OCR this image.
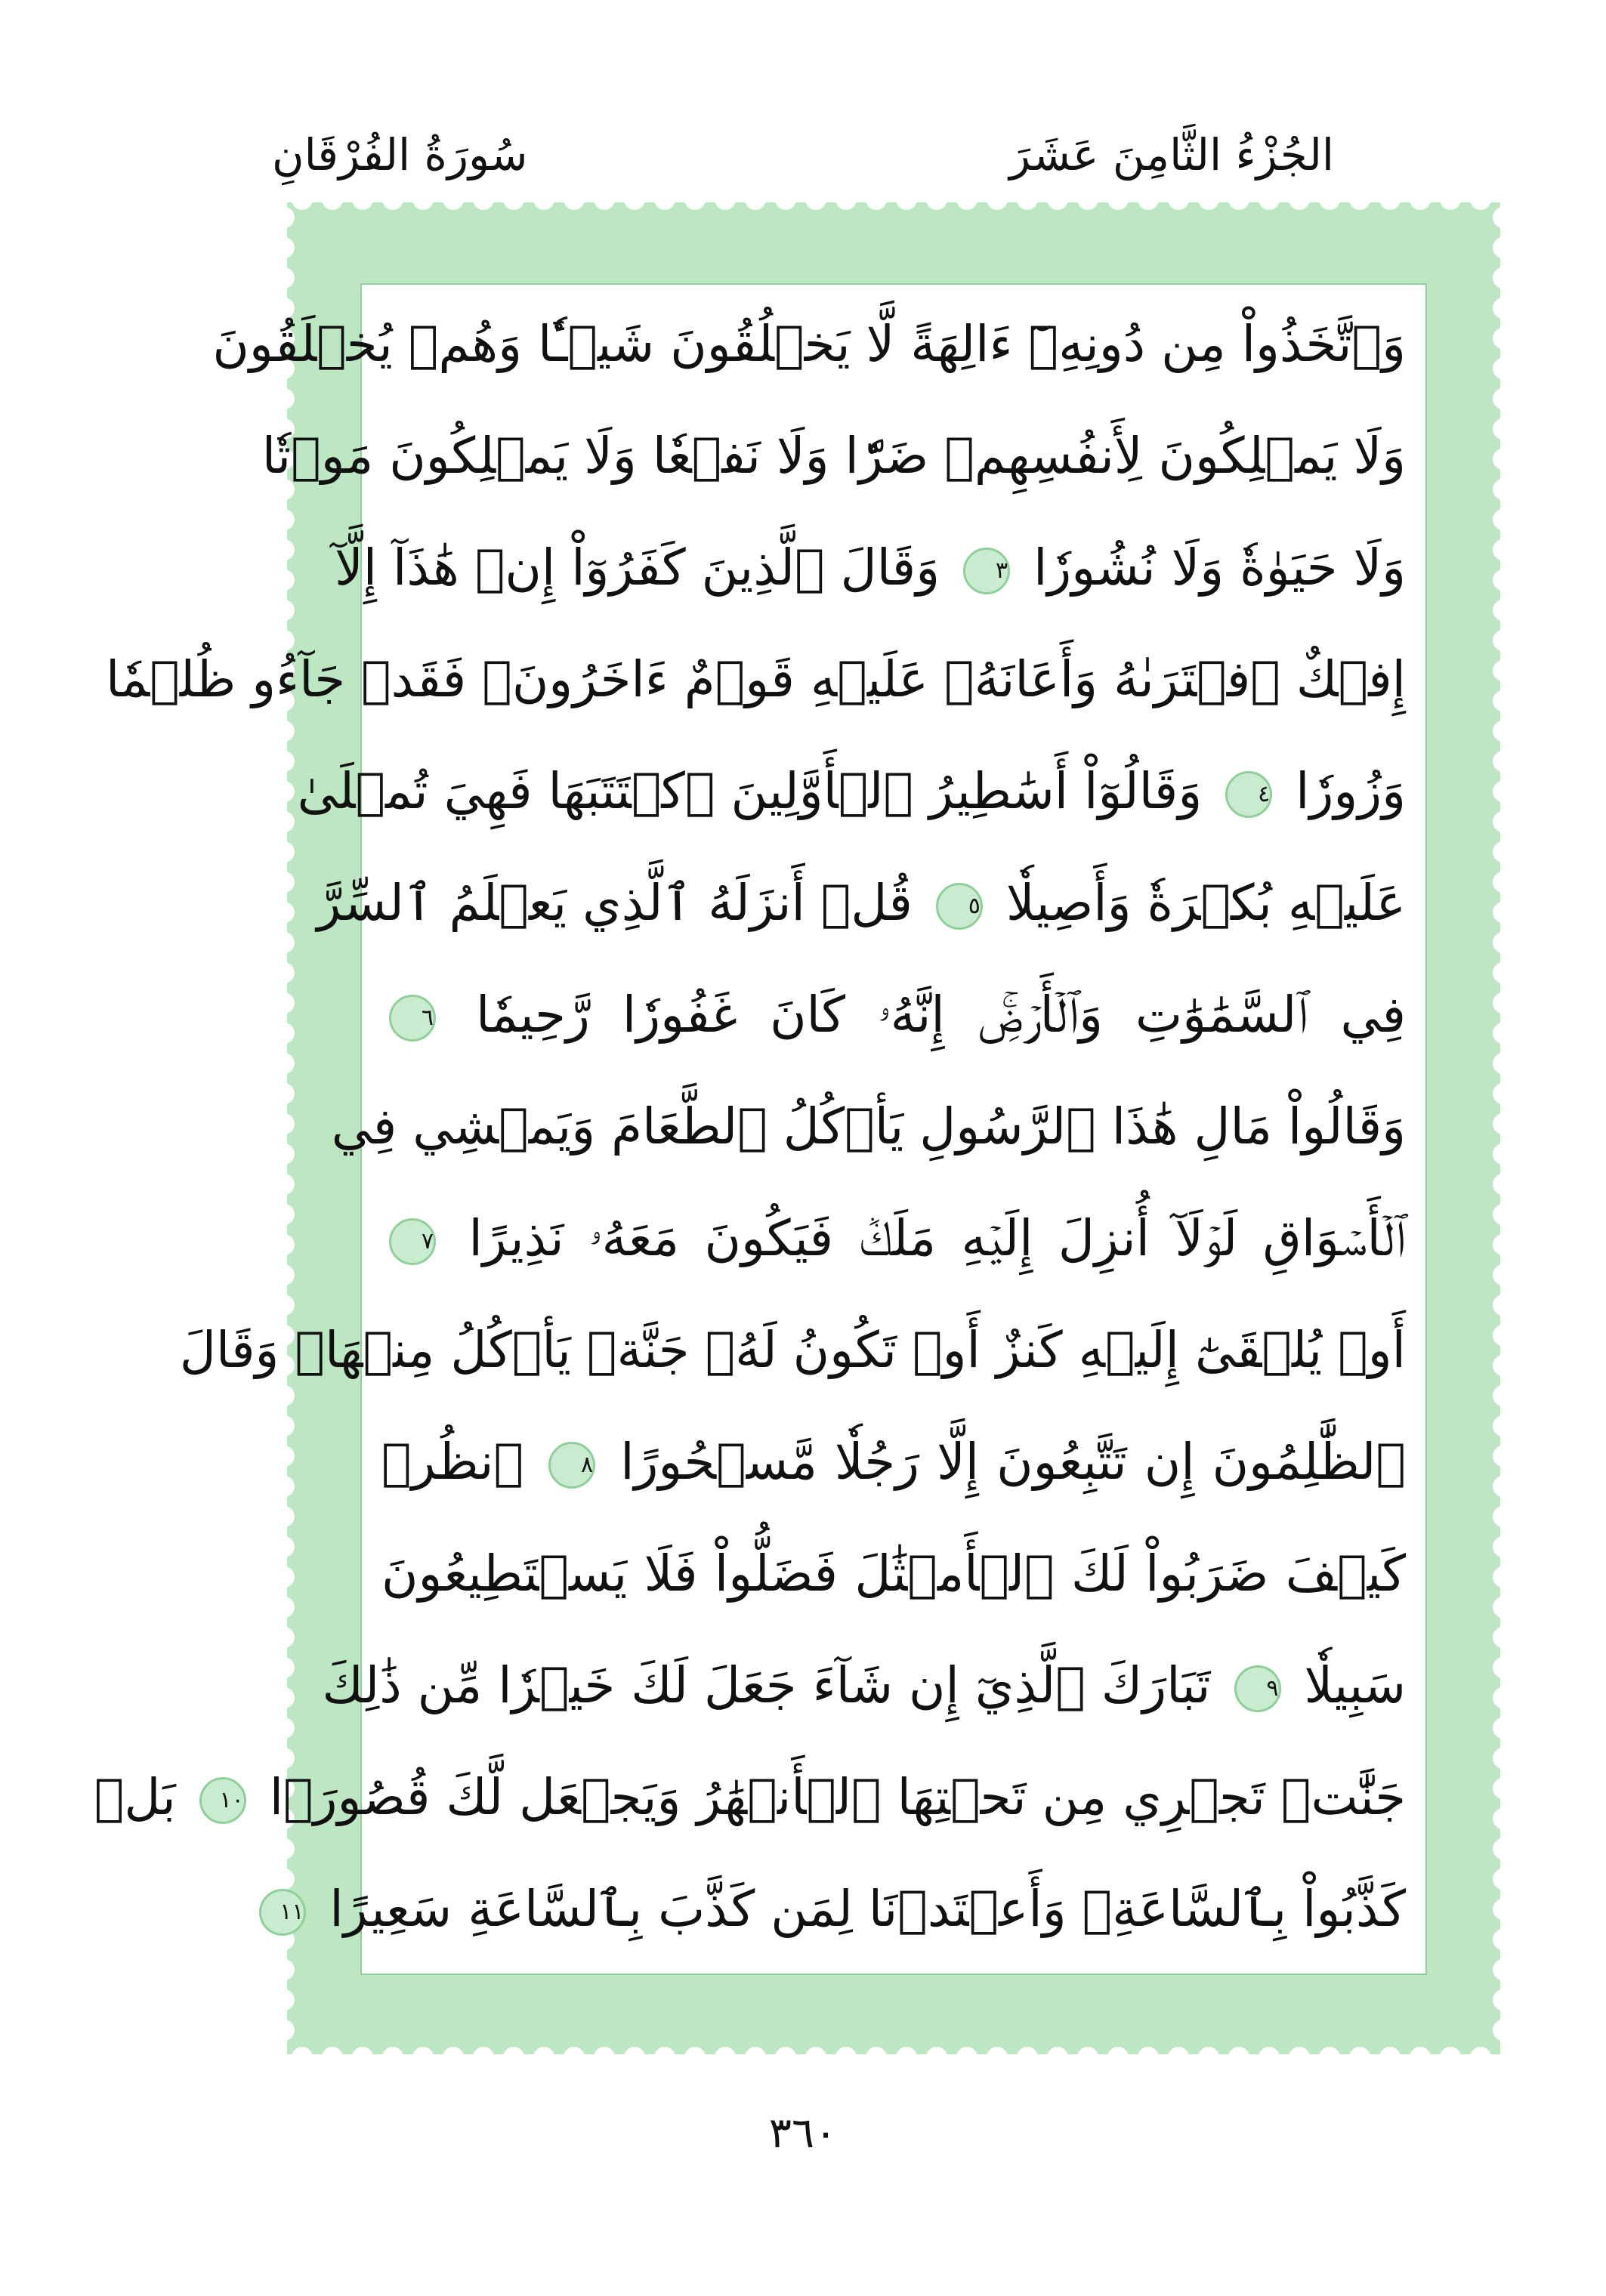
الجُزْءُ الثَّامِنَ عَشَرَ
سُورَةُ الفُرْقَانِ
وَٱتَّخَذُواْ مِن دُونِهِۦٓ ءَالِهَةً لَّا يَخۡلُقُونَ شَيۡـٔٗا وَهُمۡ يُخۡلَقُونَ
وَلَا يَمۡلِكُونَ لِأَنفُسِهِمۡ ضَرّٗا وَلَا نَفۡعٗا وَلَا يَمۡلِكُونَ مَوۡتٗا
وَلَا حَيَوٰةٗ وَلَا نُشُورٗا ٣ وَقَالَ ٱلَّذِينَ كَفَرُوٓاْ إِنۡ هَٰذَآ إِلَّآ
إِفۡكٌ ٱفۡتَرَىٰهُ وَأَعَانَهُۥ عَلَيۡهِ قَوۡمٌ ءَاخَرُونَۖ فَقَدۡ جَآءُو ظُلۡمٗا
وَزُورٗا ٤ وَقَالُوٓاْ أَسَٰطِيرُ ٱلۡأَوَّلِينَ ٱكۡتَتَبَهَا فَهِيَ تُمۡلَىٰ
عَلَيۡهِ بُكۡرَةٗ وَأَصِيلٗا ٥ قُلۡ أَنزَلَهُ ٱلَّذِي يَعۡلَمُ ٱلسِّرَّ
فِي ٱلسَّمَٰوَٰتِ وَٱلۡأَرۡضِۚ إِنَّهُۥ كَانَ غَفُورٗا رَّحِيمٗا ٦
وَقَالُواْ مَالِ هَٰذَا ٱلرَّسُولِ يَأۡكُلُ ٱلطَّعَامَ وَيَمۡشِي فِي
ٱلۡأَسۡوَاقِ لَوۡلَآ أُنزِلَ إِلَيۡهِ مَلَكٞ فَيَكُونَ مَعَهُۥ نَذِيرًا ٧
أَوۡ يُلۡقَىٰٓ إِلَيۡهِ كَنزٌ أَوۡ تَكُونُ لَهُۥ جَنَّةٞ يَأۡكُلُ مِنۡهَاۚ وَقَالَ
ٱلظَّٰلِمُونَ إِن تَتَّبِعُونَ إِلَّا رَجُلٗا مَّسۡحُورًا ٨ ٱنظُرۡ
كَيۡفَ ضَرَبُواْ لَكَ ٱلۡأَمۡثَٰلَ فَضَلُّواْ فَلَا يَسۡتَطِيعُونَ
سَبِيلٗا ٩ تَبَارَكَ ٱلَّذِيٓ إِن شَآءَ جَعَلَ لَكَ خَيۡرٗا مِّن ذَٰلِكَ
جَنَّٰتٖ تَجۡرِي مِن تَحۡتِهَا ٱلۡأَنۡهَٰرُ وَيَجۡعَل لَّكَ قُصُورَۢا ١٠ بَلۡ
كَذَّبُواْ بِٱلسَّاعَةِۖ وَأَعۡتَدۡنَا لِمَن كَذَّبَ بِٱلسَّاعَةِ سَعِيرًا ١١
٣٦٠
